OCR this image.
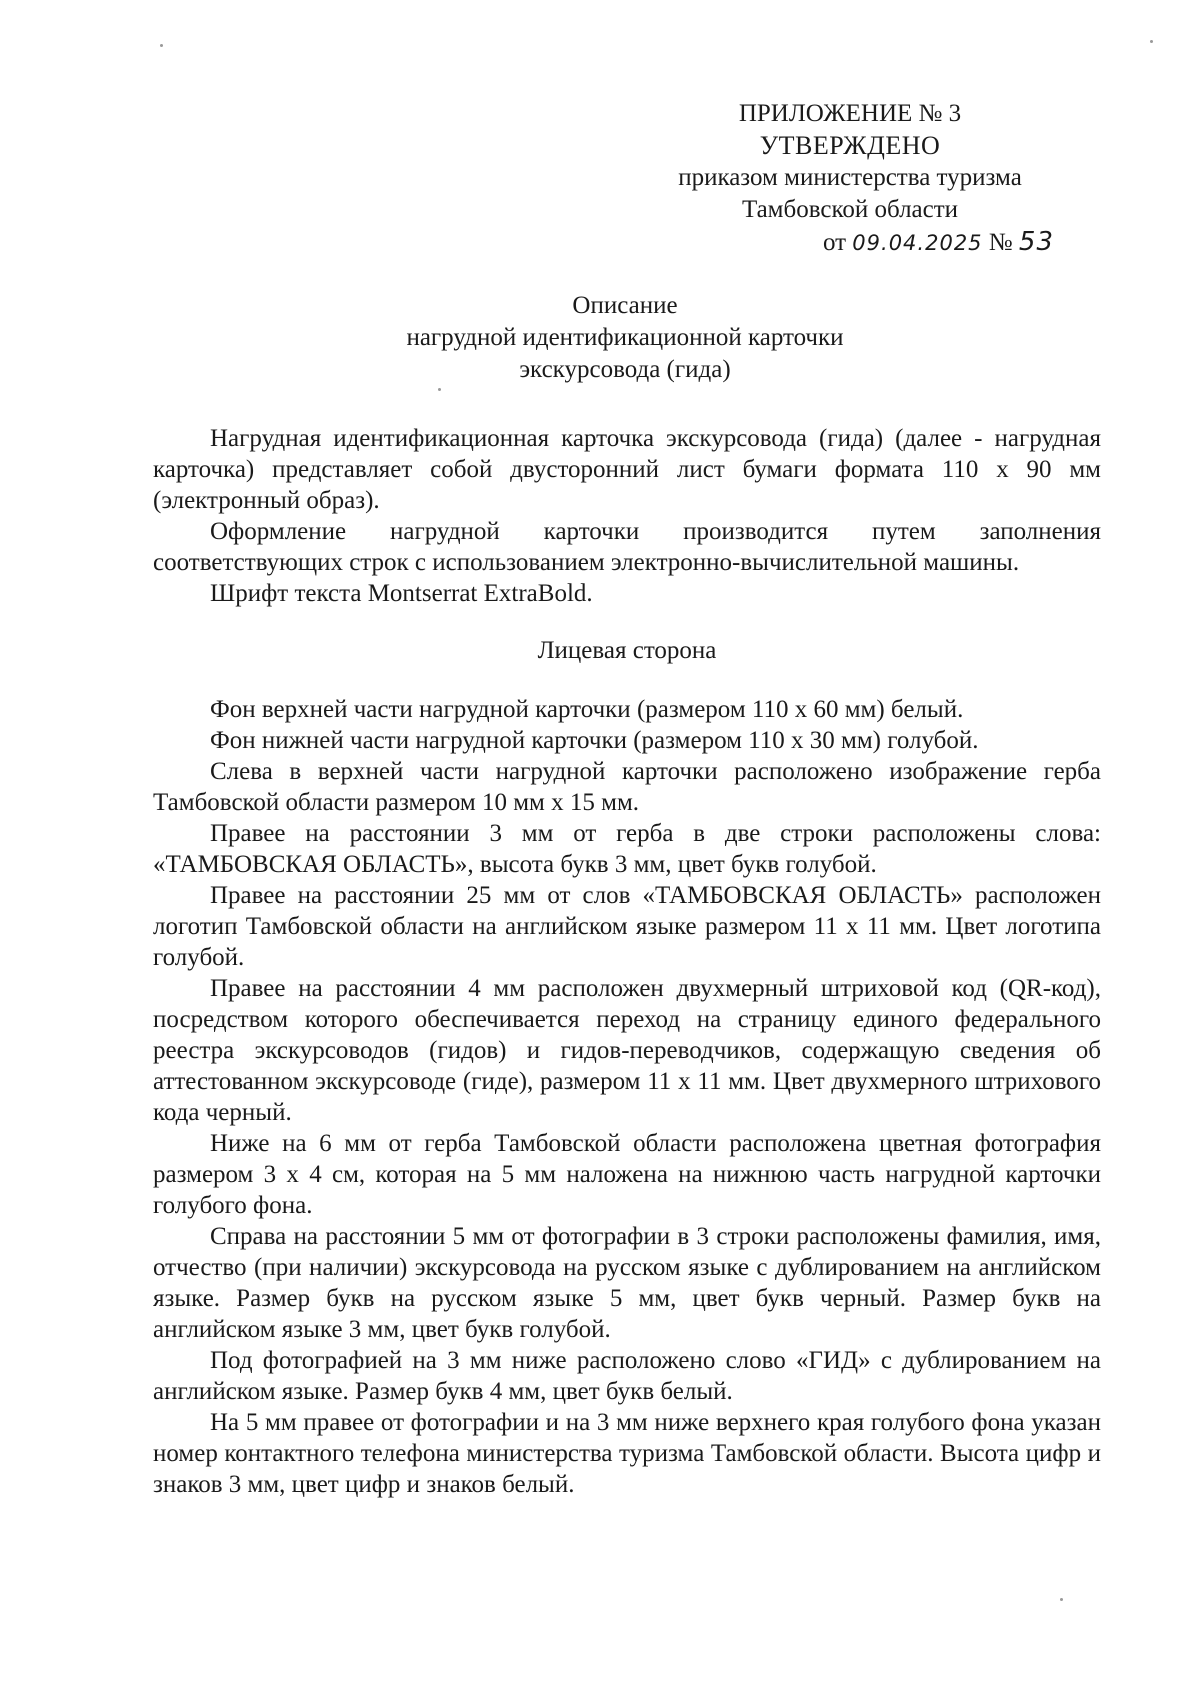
ПРИЛОЖЕНИЕ № 3
УТВЕРЖДЕНО
приказом министерства туризма
Тамбовской области
от 09.04.2025 № 53
Описание
нагрудной идентификационной карточки
экскурсовода (гида)

Нагрудная идентификационная карточка экскурсовода (гида) (далее - нагрудная карточка) представляет собой двусторонний лист бумаги формата 110 x 90 мм (электронный образ).

Оформление нагрудной карточки производится путем заполнения соответствующих строк с использованием электронно-вычислительной машины.

Шрифт текста Montserrat ExtraBold.

Лицевая сторона

Фон верхней части нагрудной карточки (размером 110 х 60 мм) белый.

Фон нижней части нагрудной карточки (размером 110 x 30 мм) голубой.

Слева в верхней части нагрудной карточки расположено изображение герба Тамбовской области размером 10 мм x 15 мм.

Правее на расстоянии 3 мм от герба в две строки расположены слова: «ТАМБОВСКАЯ ОБЛАСТЬ», высота букв 3 мм, цвет букв голубой.

Правее на расстоянии 25 мм от слов «ТАМБОВСКАЯ ОБЛАСТЬ» расположен логотип Тамбовской области на английском языке размером 11 x 11 мм. Цвет логотипа голубой.

Правее на расстоянии 4 мм расположен двухмерный штриховой код (QR-код), посредством которого обеспечивается переход на страницу единого федерального реестра экскурсоводов (гидов) и гидов-переводчиков, содержащую сведения об аттестованном экскурсоводе (гиде), размером 11 x 11 мм. Цвет двухмерного штрихового кода черный.

Ниже на 6 мм от герба Тамбовской области расположена цветная фотография размером 3 x 4 см, которая на 5 мм наложена на нижнюю часть нагрудной карточки голубого фона.

Справа на расстоянии 5 мм от фотографии в 3 строки расположены фамилия, имя, отчество (при наличии) экскурсовода на русском языке с дублированием на английском языке. Размер букв на русском языке 5 мм, цвет букв черный. Размер букв на английском языке 3 мм, цвет букв голубой.

Под фотографией на 3 мм ниже расположено слово «ГИД» с дублированием на английском языке. Размер букв 4 мм, цвет букв белый.

На 5 мм правее от фотографии и на 3 мм ниже верхнего края голубого фона указан номер контактного телефона министерства туризма Тамбовской области. Высота цифр и знаков 3 мм, цвет цифр и знаков белый.
